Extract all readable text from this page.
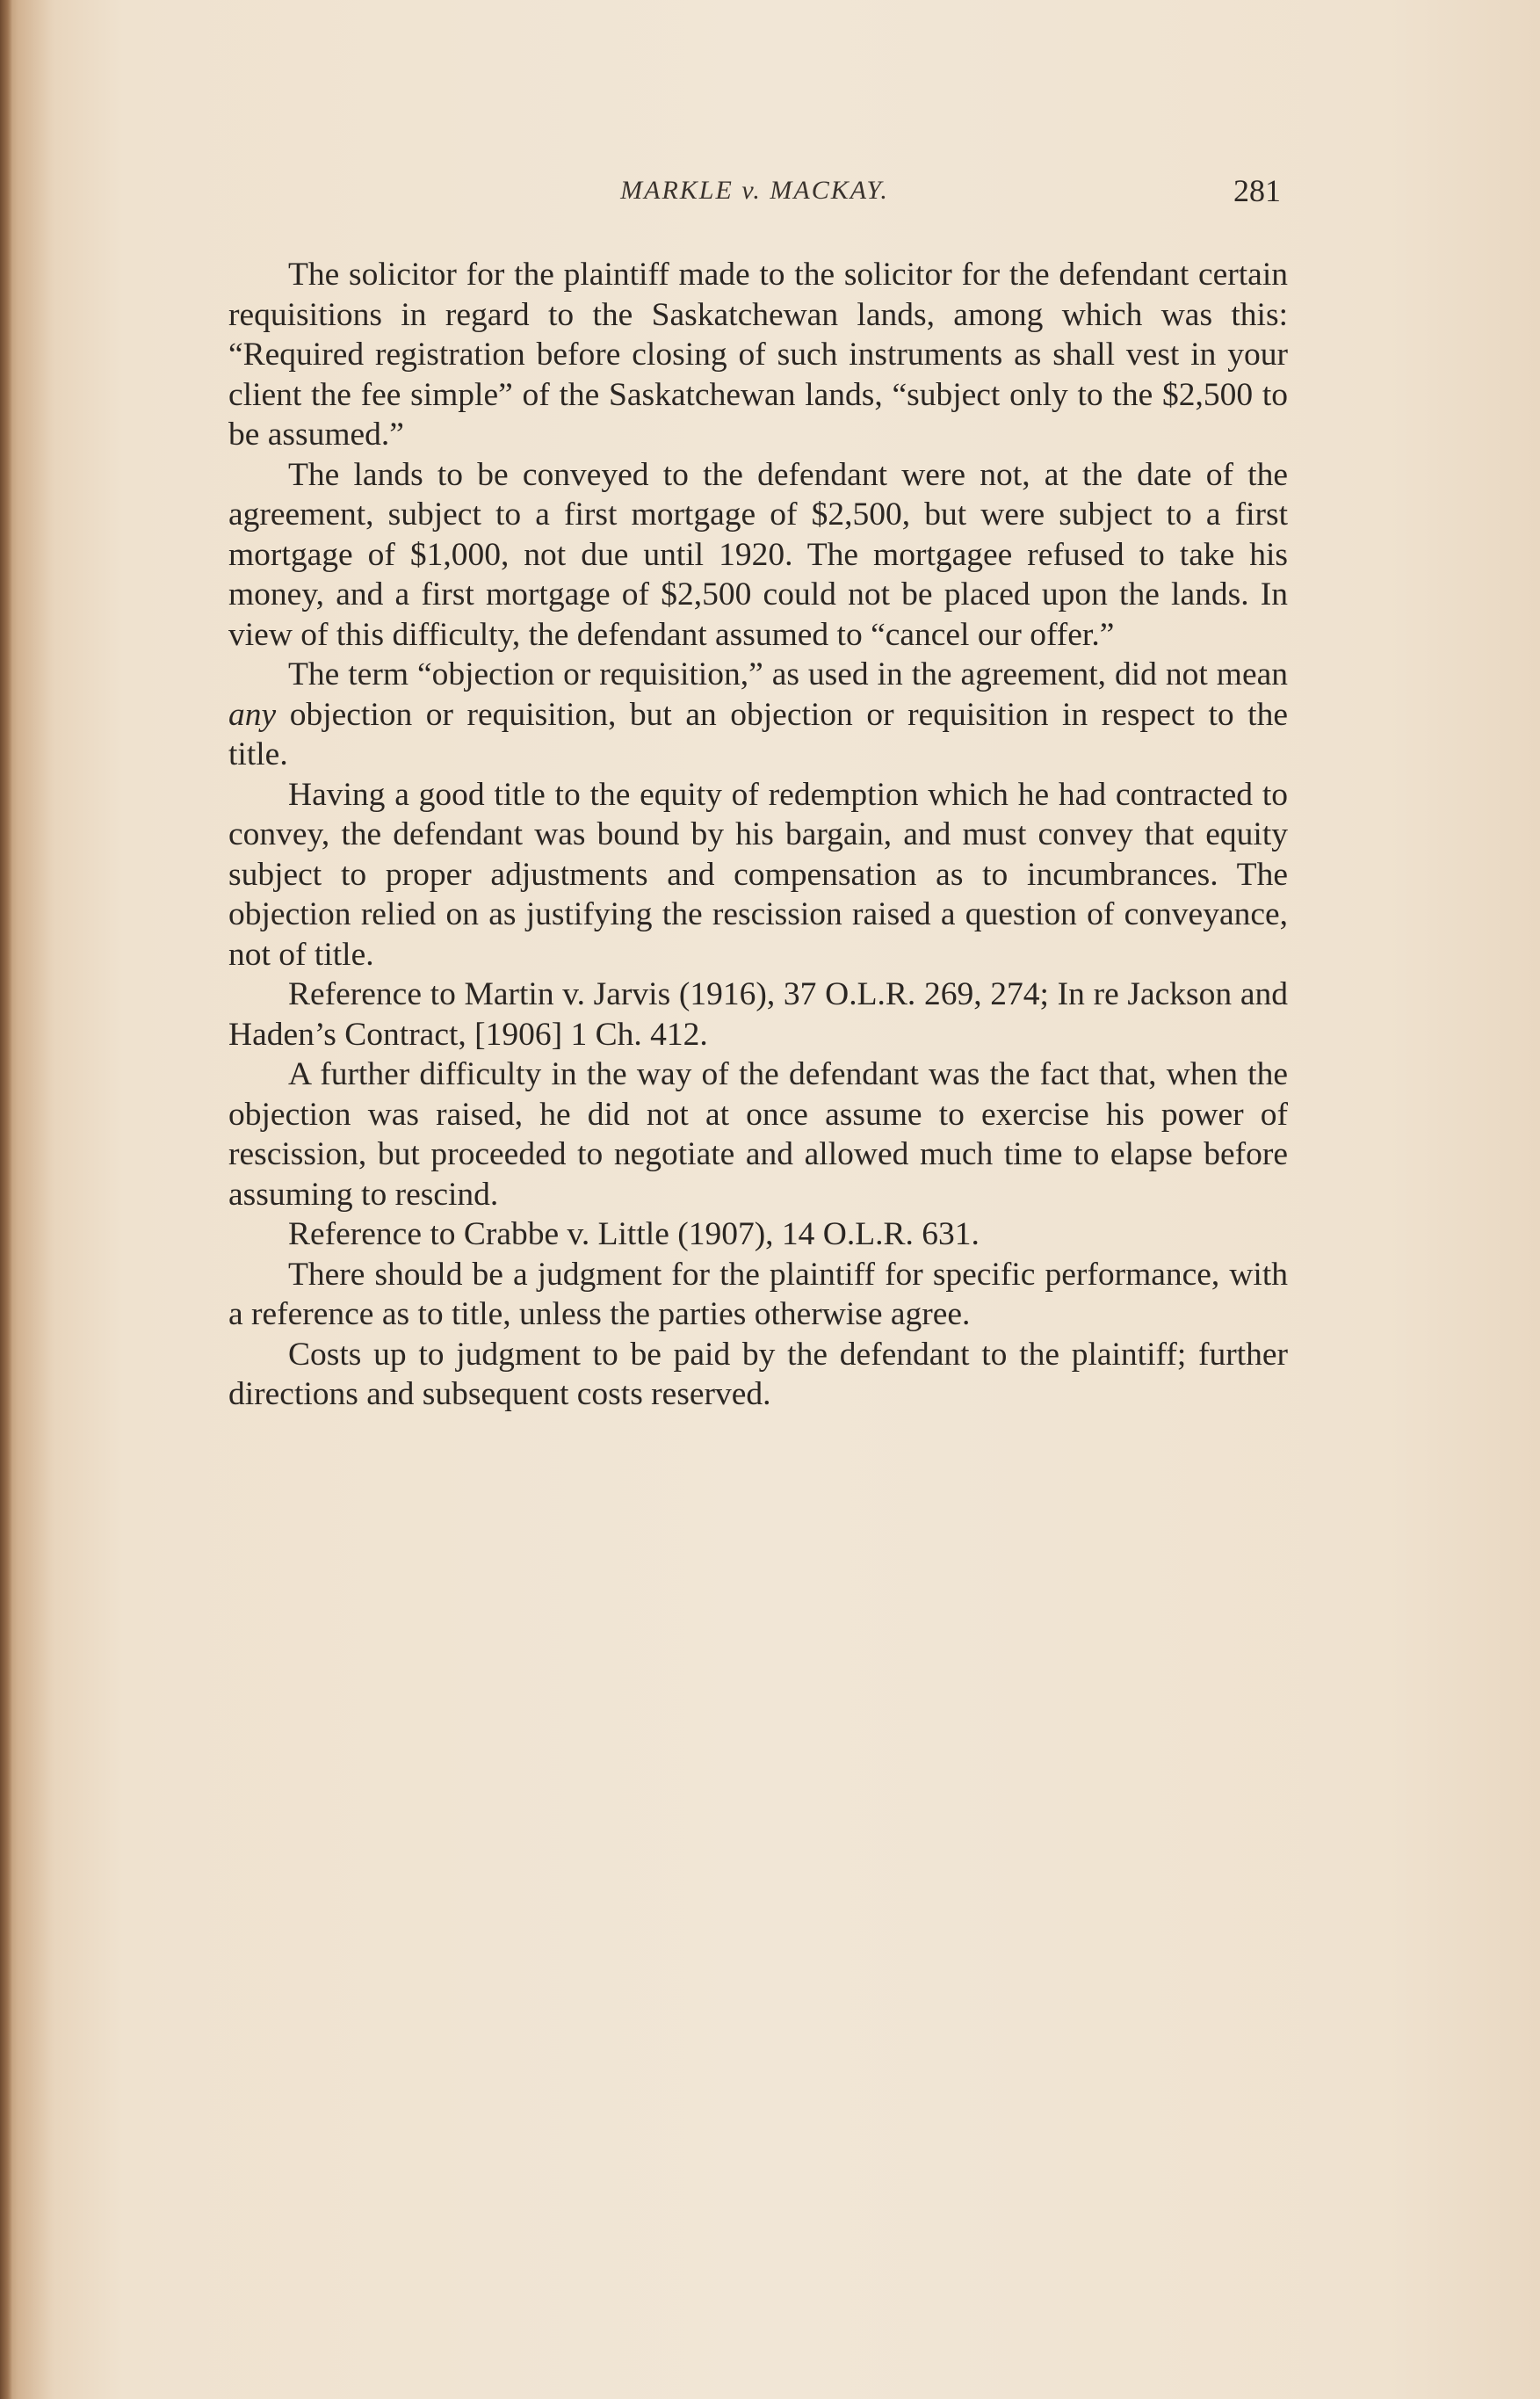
MARKLE v. MACKAY.	281

The solicitor for the plaintiff made to the solicitor for the defendant certain requisitions in regard to the Saskatchewan lands, among which was this: “Required registration before closing of such instruments as shall vest in your client the fee simple” of the Saskatchewan lands, “subject only to the $2,500 to be assumed.”

The lands to be conveyed to the defendant were not, at the date of the agreement, subject to a first mortgage of $2,500, but were subject to a first mortgage of $1,000, not due until 1920. The mortgagee refused to take his money, and a first mortgage of $2,500 could not be placed upon the lands. In view of this difficulty, the defendant assumed to “cancel our offer.”

The term “objection or requisition,” as used in the agreement, did not mean any objection or requisition, but an objection or requisition in respect to the title.

Having a good title to the equity of redemption which he had contracted to convey, the defendant was bound by his bargain, and must convey that equity subject to proper adjustments and compensation as to incumbrances. The objection relied on as justifying the rescission raised a question of conveyance, not of title.

Reference to Martin v. Jarvis (1916), 37 O.L.R. 269, 274; In re Jackson and Haden’s Contract, [1906] 1 Ch. 412.

A further difficulty in the way of the defendant was the fact that, when the objection was raised, he did not at once assume to exercise his power of rescission, but proceeded to negotiate and allowed much time to elapse before assuming to rescind.

Reference to Crabbe v. Little (1907), 14 O.L.R. 631.

There should be a judgment for the plaintiff for specific performance, with a reference as to title, unless the parties otherwise agree.

Costs up to judgment to be paid by the defendant to the plaintiff; further directions and subsequent costs reserved.
